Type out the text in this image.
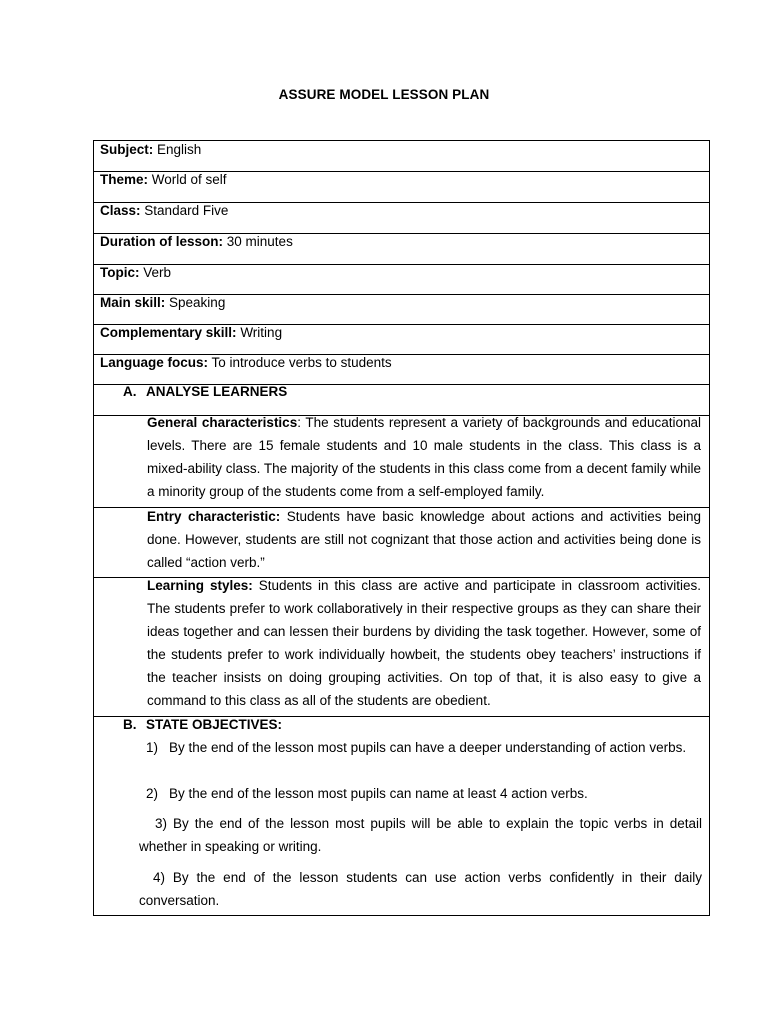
ASSURE MODEL LESSON PLAN
Subject: English
Theme: World of self
Class: Standard Five
Duration of lesson: 30 minutes
Topic: Verb
Main skill: Speaking
Complementary skill: Writing
Language focus: To introduce verbs to students
A. ANALYSE LEARNERS
General characteristics: The students represent a variety of backgrounds and educational levels. There are 15 female students and 10 male students in the class. This class is a mixed-ability class. The majority of the students in this class come from a decent family while a minority group of the students come from a self-employed family.
Entry characteristic: Students have basic knowledge about actions and activities being done. However, students are still not cognizant that those action and activities being done is called “action verb.”
Learning styles: Students in this class are active and participate in classroom activities. The students prefer to work collaboratively in their respective groups as they can share their ideas together and can lessen their burdens by dividing the task together. However, some of the students prefer to work individually howbeit, the students obey teachers’ instructions if the teacher insists on doing grouping activities. On top of that, it is also easy to give a command to this class as all of the students are obedient.
B. STATE OBJECTIVES:
1) By the end of the lesson most pupils can have a deeper understanding of action verbs.
2) By the end of the lesson most pupils can name at least 4 action verbs.
3) By the end of the lesson most pupils will be able to explain the topic verbs in detail whether in speaking or writing.
4) By the end of the lesson students can use action verbs confidently in their daily conversation.
